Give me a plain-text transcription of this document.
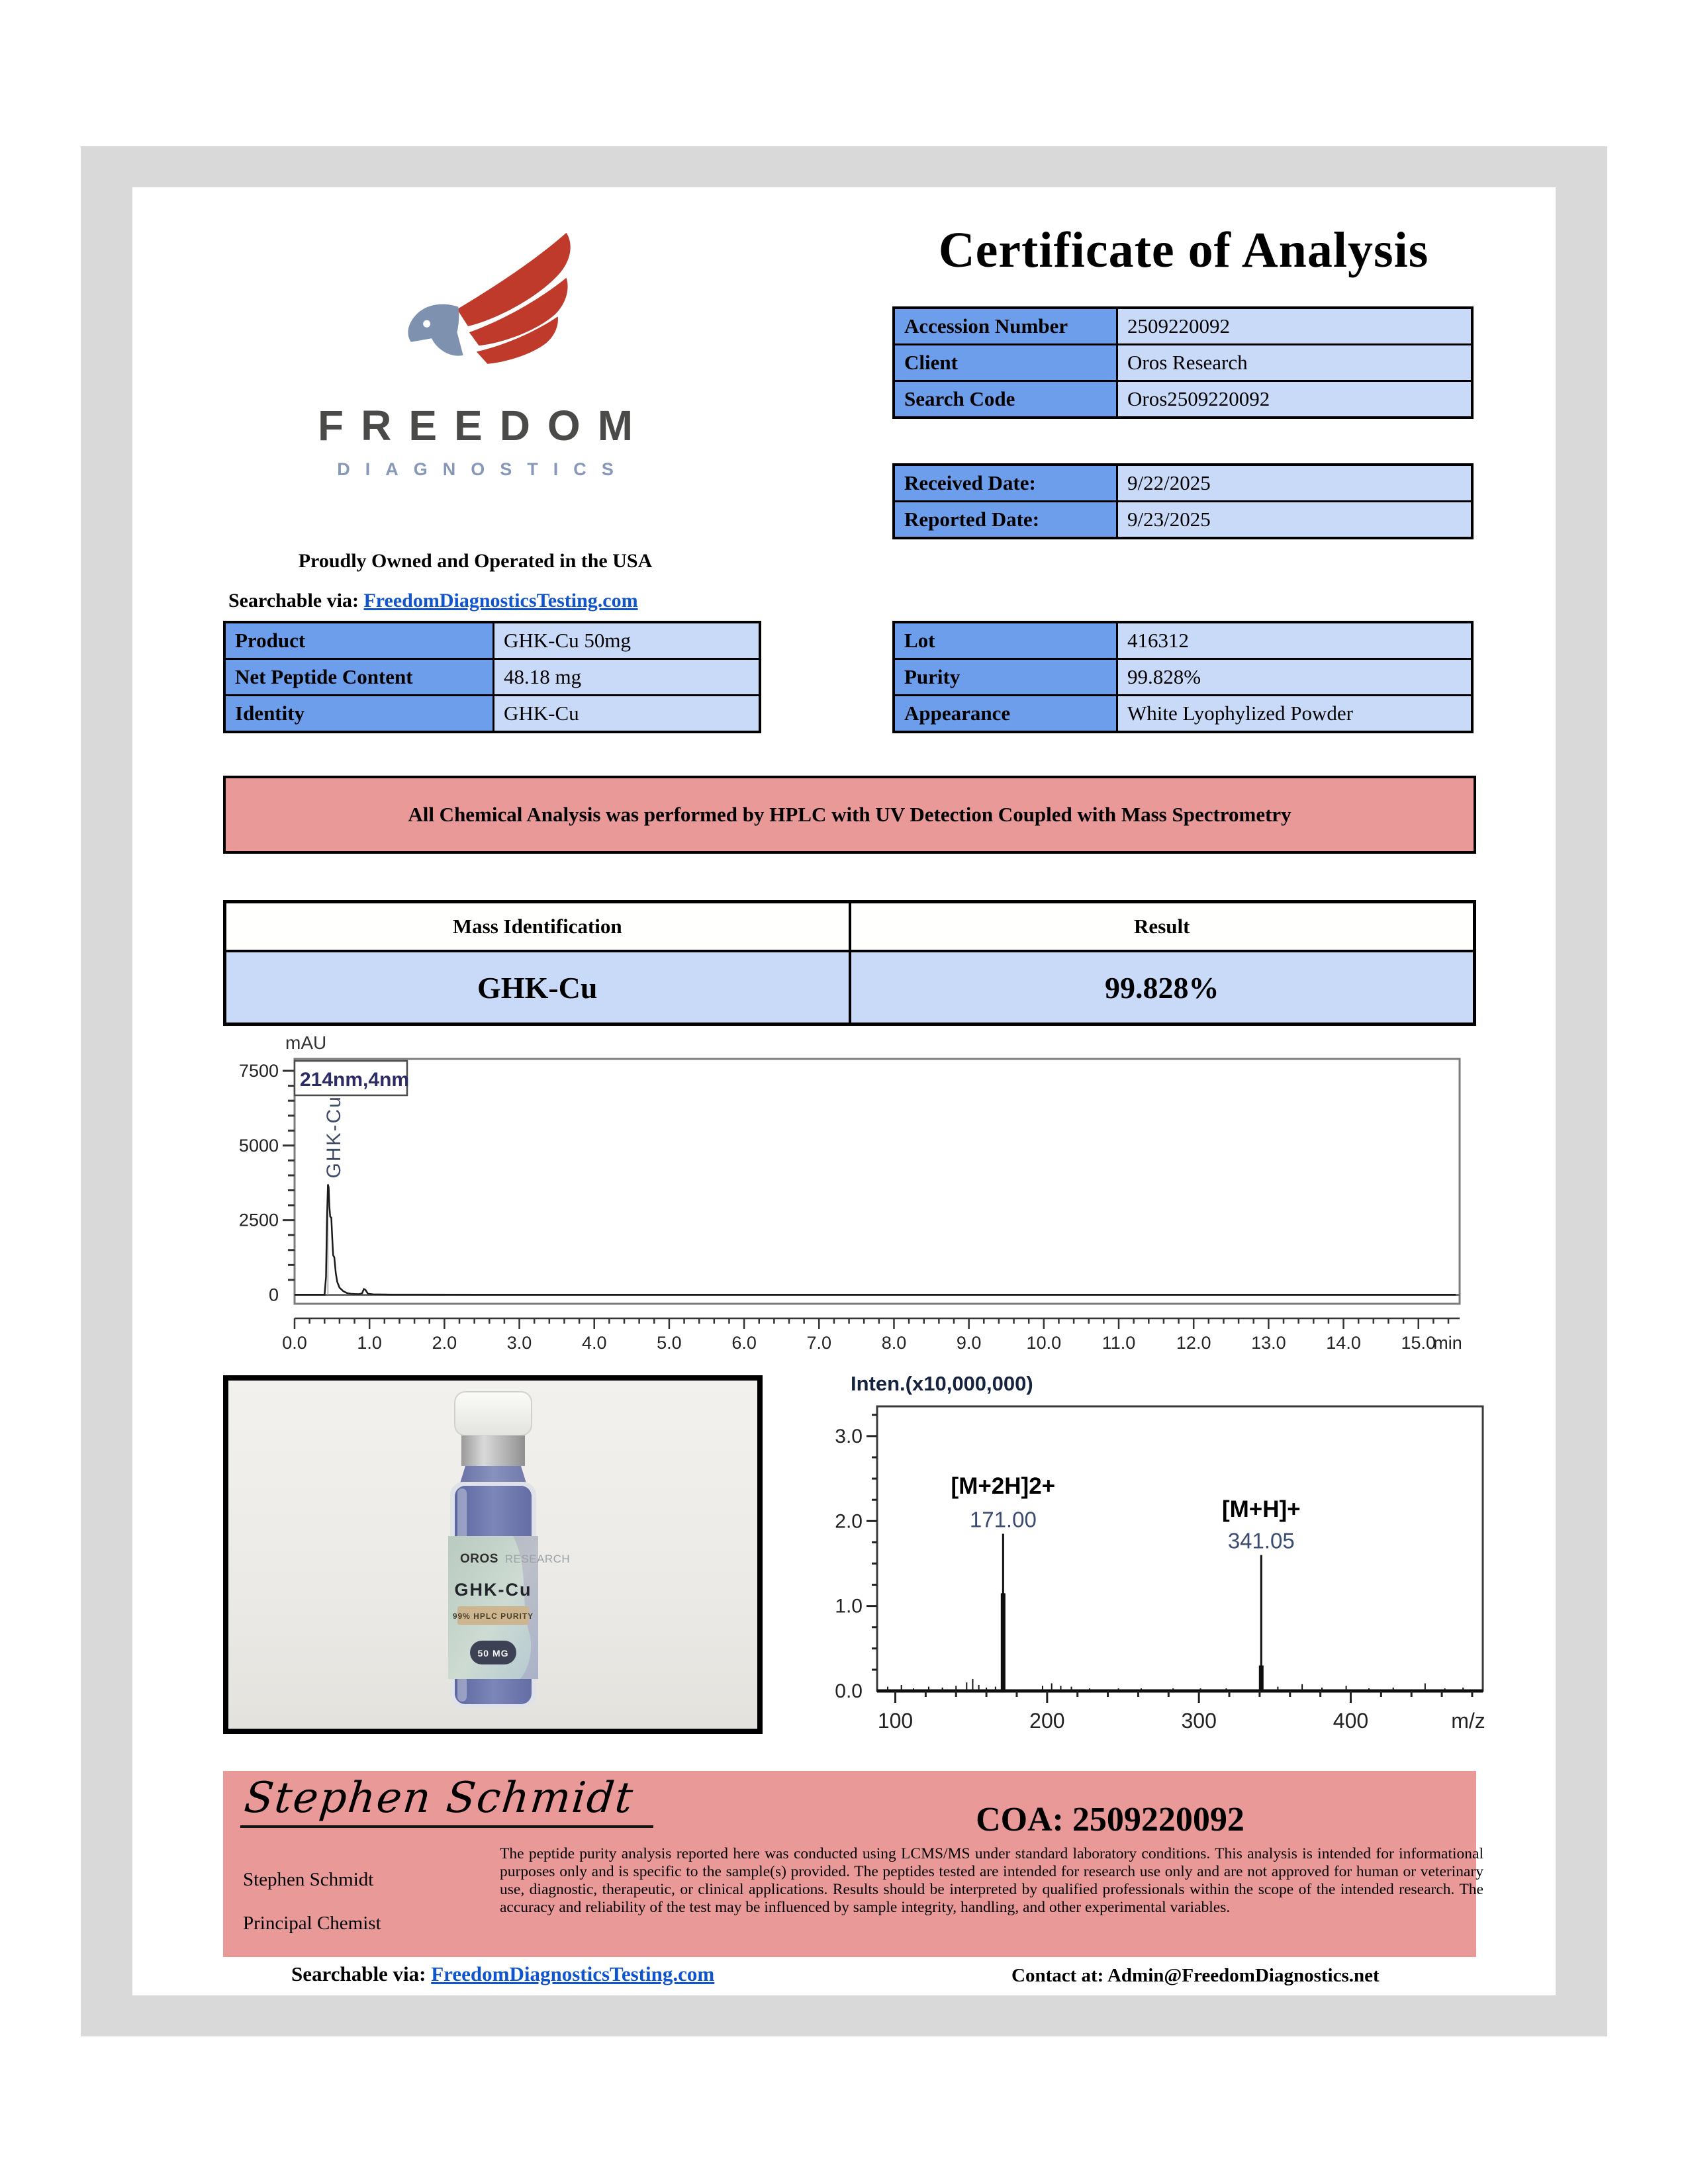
Certificate of Analysis
FREEDOM
DIAGNOSTICS
Proudly Owned and Operated in the USA
Searchable via: FreedomDiagnosticsTesting.com
Accession Number	2509220092
Client	Oros Research
Search Code	Oros2509220092
Received Date:	9/22/2025
Reported Date:	9/23/2025
Product	GHK-Cu 50mg
Net Peptide Content	48.18 mg
Identity	GHK-Cu
Lot	416312
Purity	99.828%
Appearance	White Lyophylized Powder
All Chemical Analysis was performed by HPLC with UV Detection Coupled with Mass Spectrometry
Mass Identification	Result
GHK-Cu	99.828%
0
2500
5000
7500
mAU
0.0	1.0	2.0	3.0	4.0	5.0	6.0	7.0	8.0	9.0	10.0 11.0 12.0 13.0 14.0 15.0
min
GHK-Cu
214nm,4nm
OROS RESEARCH
GHK-Cu
99% HPLC PURITY
50 MG
Inten.(x10,000,000)
0.0
1.0
2.0
3.0
100	200	300	400	m/z
[M+2H]2+
171.00	[M+H]+
341.05
Stephen Schmidt	COA: 2509220092
Stephen Schmidt
Principal Chemist
The peptide purity analysis reported here was conducted using LCMS/MS under standard laboratory conditions. This analysis is intended for informational purposes only and is specific to the sample(s) provided. The peptides tested are intended for research use only and are not approved for human or veterinary use, diagnostic, therapeutic, or clinical applications. Results should be interpreted by qualified professionals within the scope of the intended research. The accuracy and reliability of the test may be influenced by sample integrity, handling, and other experimental variables.
Searchable via: FreedomDiagnosticsTesting.com	Contact at: Admin@FreedomDiagnostics.net
